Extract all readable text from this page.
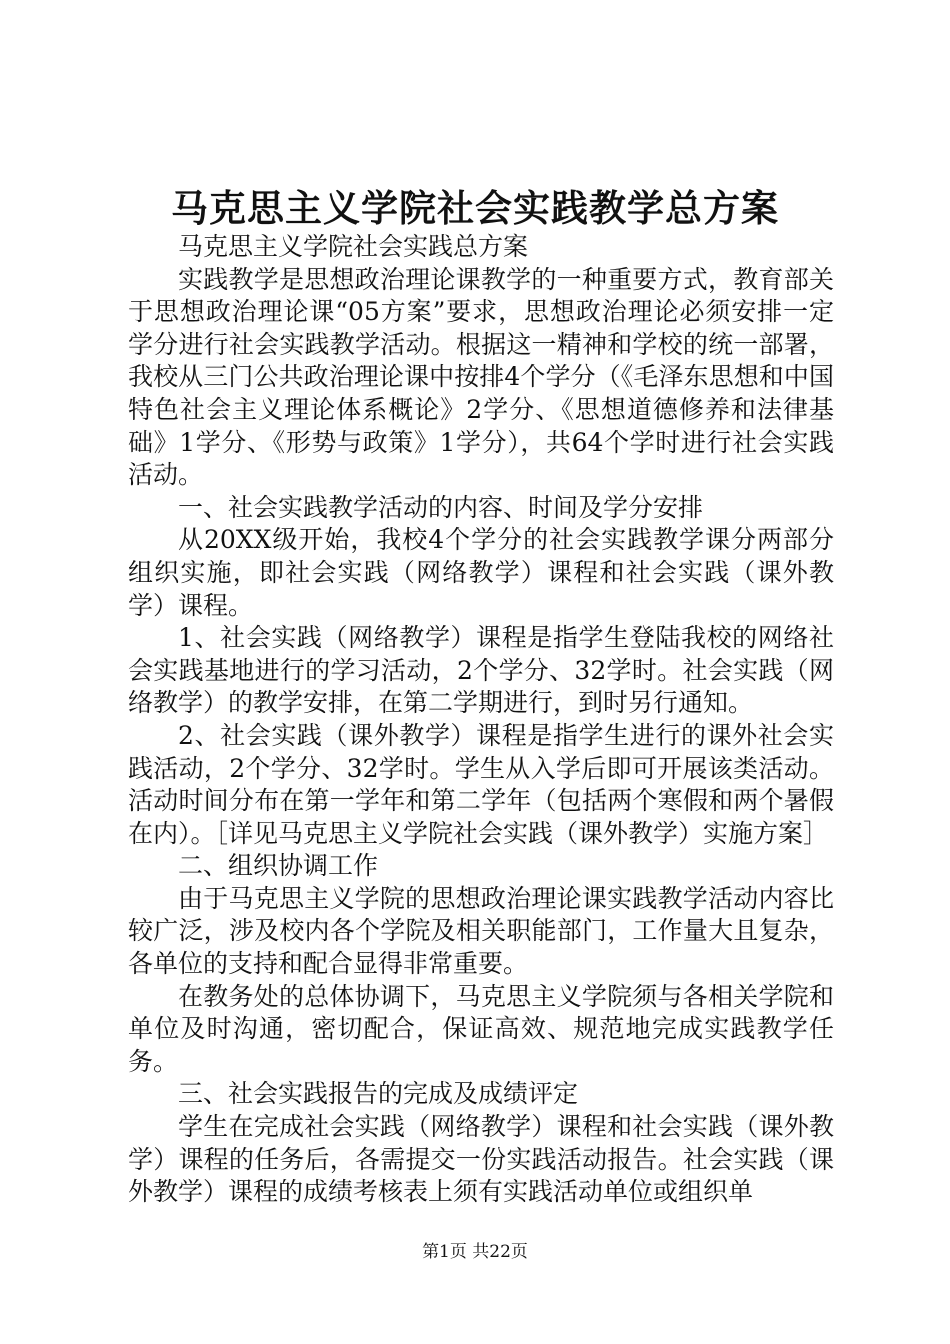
马克思主义学院社会实践教学总方案

马克思主义学院社会实践总方案

实践教学是思想政治理论课教学的一种重要方式，教育部关于思想政治理论课“05方案”要求，思想政治理论必须安排一定学分进行社会实践教学活动。根据这一精神和学校的统一部署，我校从三门公共政治理论课中按排4个学分（《毛泽东思想和中国特色社会主义理论体系概论》2学分、《思想道德修养和法律基础》1学分、《形势与政策》1学分），共64个学时进行社会实践活动。

一、社会实践教学活动的内容、时间及学分安排

从20XX级开始，我校4个学分的社会实践教学课分两部分组织实施，即社会实践（网络教学）课程和社会实践（课外教学）课程。

1、社会实践（网络教学）课程是指学生登陆我校的网络社会实践基地进行的学习活动，2个学分、32学时。社会实践（网络教学）的教学安排，在第二学期进行，到时另行通知。

2、社会实践（课外教学）课程是指学生进行的课外社会实践活动，2个学分、32学时。学生从入学后即可开展该类活动。活动时间分布在第一学年和第二学年（包括两个寒假和两个暑假在内）。［详见马克思主义学院社会实践（课外教学）实施方案］

二、组织协调工作

由于马克思主义学院的思想政治理论课实践教学活动内容比较广泛，涉及校内各个学院及相关职能部门，工作量大且复杂，各单位的支持和配合显得非常重要。

在教务处的总体协调下，马克思主义学院须与各相关学院和单位及时沟通，密切配合，保证高效、规范地完成实践教学任务。

三、社会实践报告的完成及成绩评定

学生在完成社会实践（网络教学）课程和社会实践（课外教学）课程的任务后，各需提交一份实践活动报告。社会实践（课外教学）课程的成绩考核表上须有实践活动单位或组织单

第1页 共22页
